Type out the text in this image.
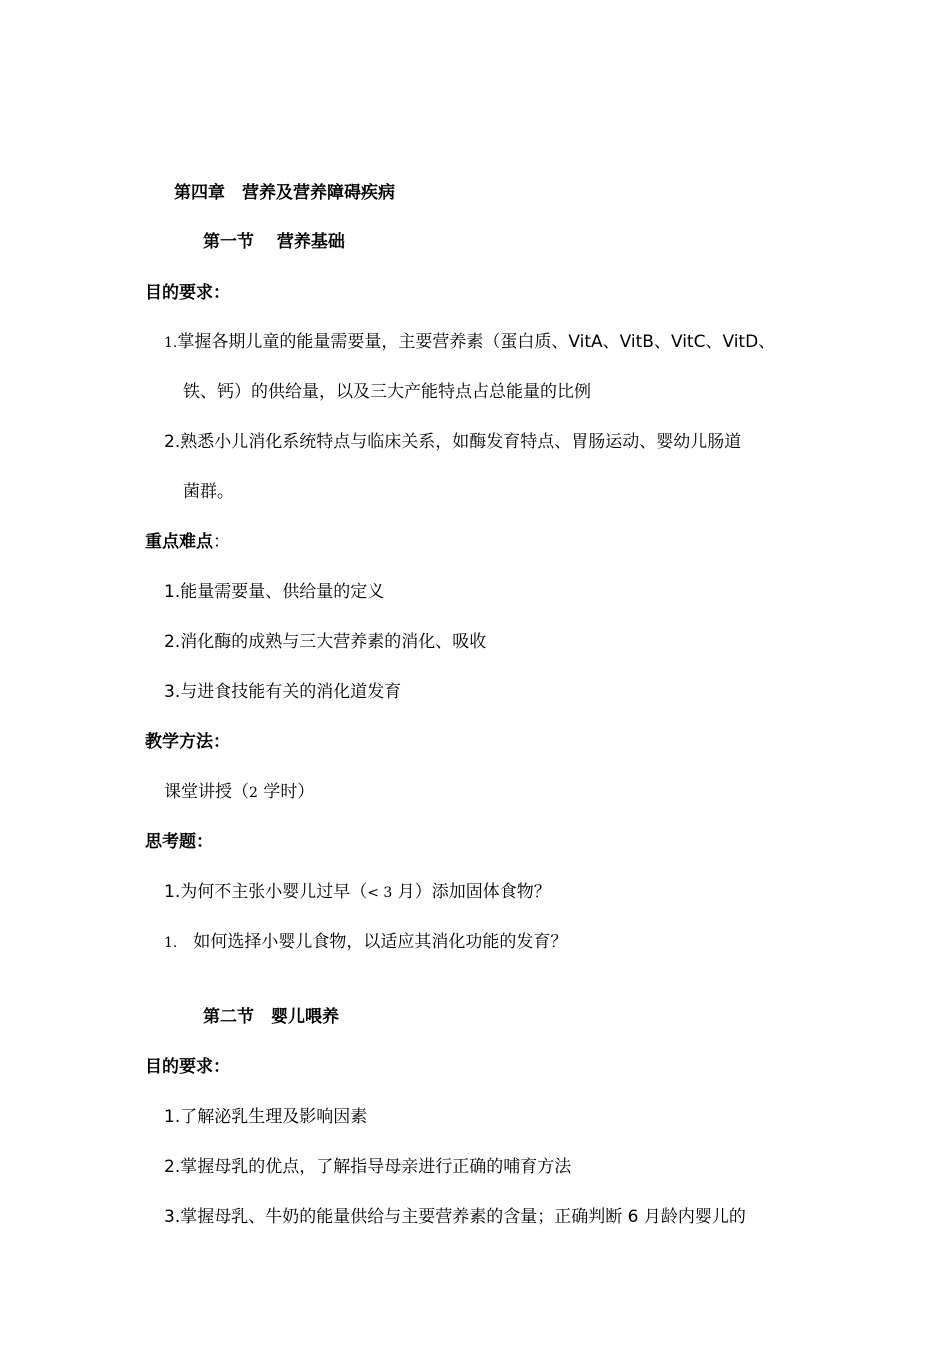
第四章　营养及营养障碍疾病
第一节　 营养基础
目的要求：
1.掌握各期儿童的能量需要量，主要营养素（蛋白质、VitA、VitB、VitC、VitD、
铁、钙）的供给量，以及三大产能特点占总能量的比例
2.熟悉小儿消化系统特点与临床关系，如酶发育特点、胃肠运动、婴幼儿肠道
菌群。
重点难点：
1.能量需要量、供给量的定义
2.消化酶的成熟与三大营养素的消化、吸收
3.与进食技能有关的消化道发育
教学方法：
课堂讲授（2 学时）
思考题：
1.为何不主张小婴儿过早（< 3 月）添加固体食物？
1. 如何选择小婴儿食物，以适应其消化功能的发育？
第二节　婴儿喂养
目的要求：
1.了解泌乳生理及影响因素
2.掌握母乳的优点，了解指导母亲进行正确的哺育方法
3.掌握母乳、牛奶的能量供给与主要营养素的含量；正确判断 6 月龄内婴儿的
